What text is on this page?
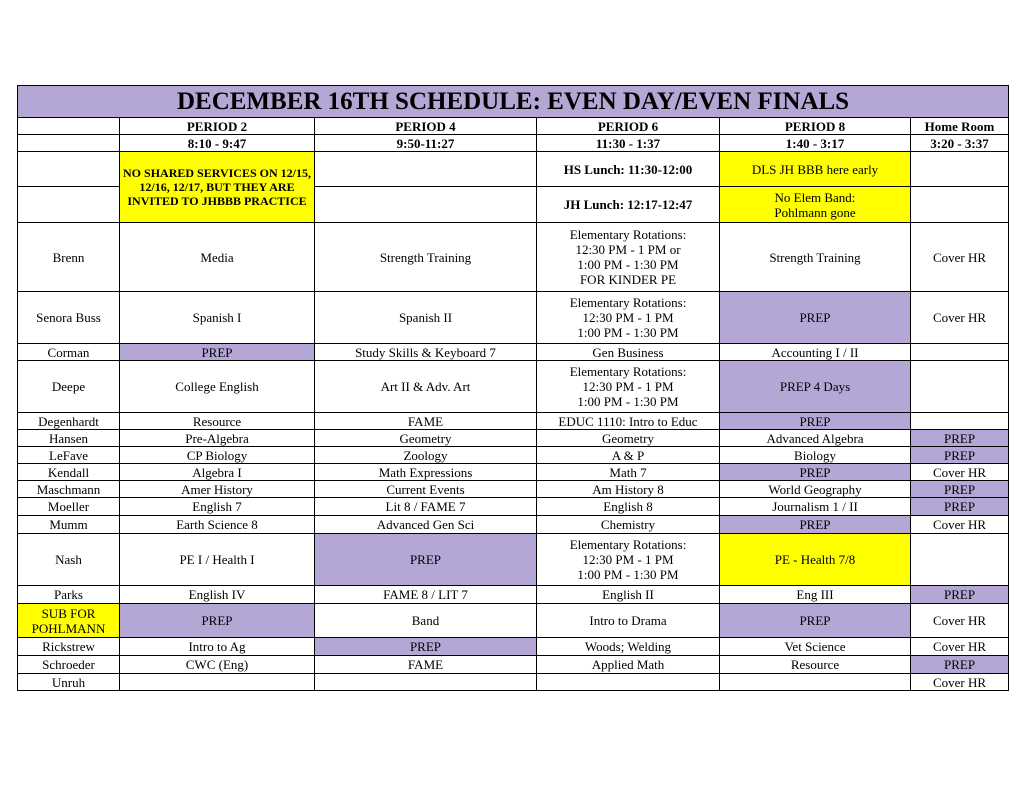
DECEMBER 16TH SCHEDULE: EVEN DAY/EVEN FINALS					
	PERIOD 2	PERIOD 4	PERIOD 6	PERIOD 8	Home Room
	8:10 - 9:47	9:50-11:27	11:30 - 1:37	1:40 - 3:17	3:20 - 3:37
	NO SHARED SERVICES ON 12/15, 12/16, 12/17, BUT THEY ARE INVITED TO JHBBB PRACTICE		HS Lunch: 11:30-12:00	DLS JH BBB here early	
			JH Lunch: 12:17-12:47	No Elem Band:
Pohlmann gone	
Brenn	Media	Strength Training	Elementary Rotations:
12:30 PM - 1 PM or
1:00 PM - 1:30 PM
FOR KINDER PE	Strength Training	Cover HR
Senora Buss	Spanish I	Spanish II	Elementary Rotations:
12:30 PM - 1 PM
1:00 PM - 1:30 PM	PREP	Cover HR
Corman	PREP	Study Skills & Keyboard 7	Gen Business	Accounting I / II	
Deepe	College English	Art II & Adv. Art	Elementary Rotations:
12:30 PM - 1 PM
1:00 PM - 1:30 PM	PREP 4 Days	
Degenhardt	Resource	FAME	EDUC 1110: Intro to Educ	PREP	
Hansen	Pre-Algebra	Geometry	Geometry	Advanced Algebra	PREP
LeFave	CP Biology	Zoology	A & P	Biology	PREP
Kendall	Algebra I	Math Expressions	Math 7	PREP	Cover HR
Maschmann	Amer History	Current Events	Am History 8	World Geography	PREP
Moeller	English 7	Lit 8 / FAME 7	English 8	Journalism 1 / II	PREP
Mumm	Earth Science 8	Advanced Gen Sci	Chemistry	PREP	Cover HR
Nash	PE I / Health I	PREP	Elementary Rotations:
12:30 PM - 1 PM
1:00 PM - 1:30 PM	PE - Health 7/8	
Parks	English IV	FAME 8 / LIT 7	English II	Eng III	PREP
SUB FOR
POHLMANN	PREP	Band	Intro to Drama	PREP	Cover HR
Rickstrew	Intro to Ag	PREP	Woods; Welding	Vet Science	Cover HR
Schroeder	CWC (Eng)	FAME	Applied Math	Resource	PREP
Unruh					Cover HR
